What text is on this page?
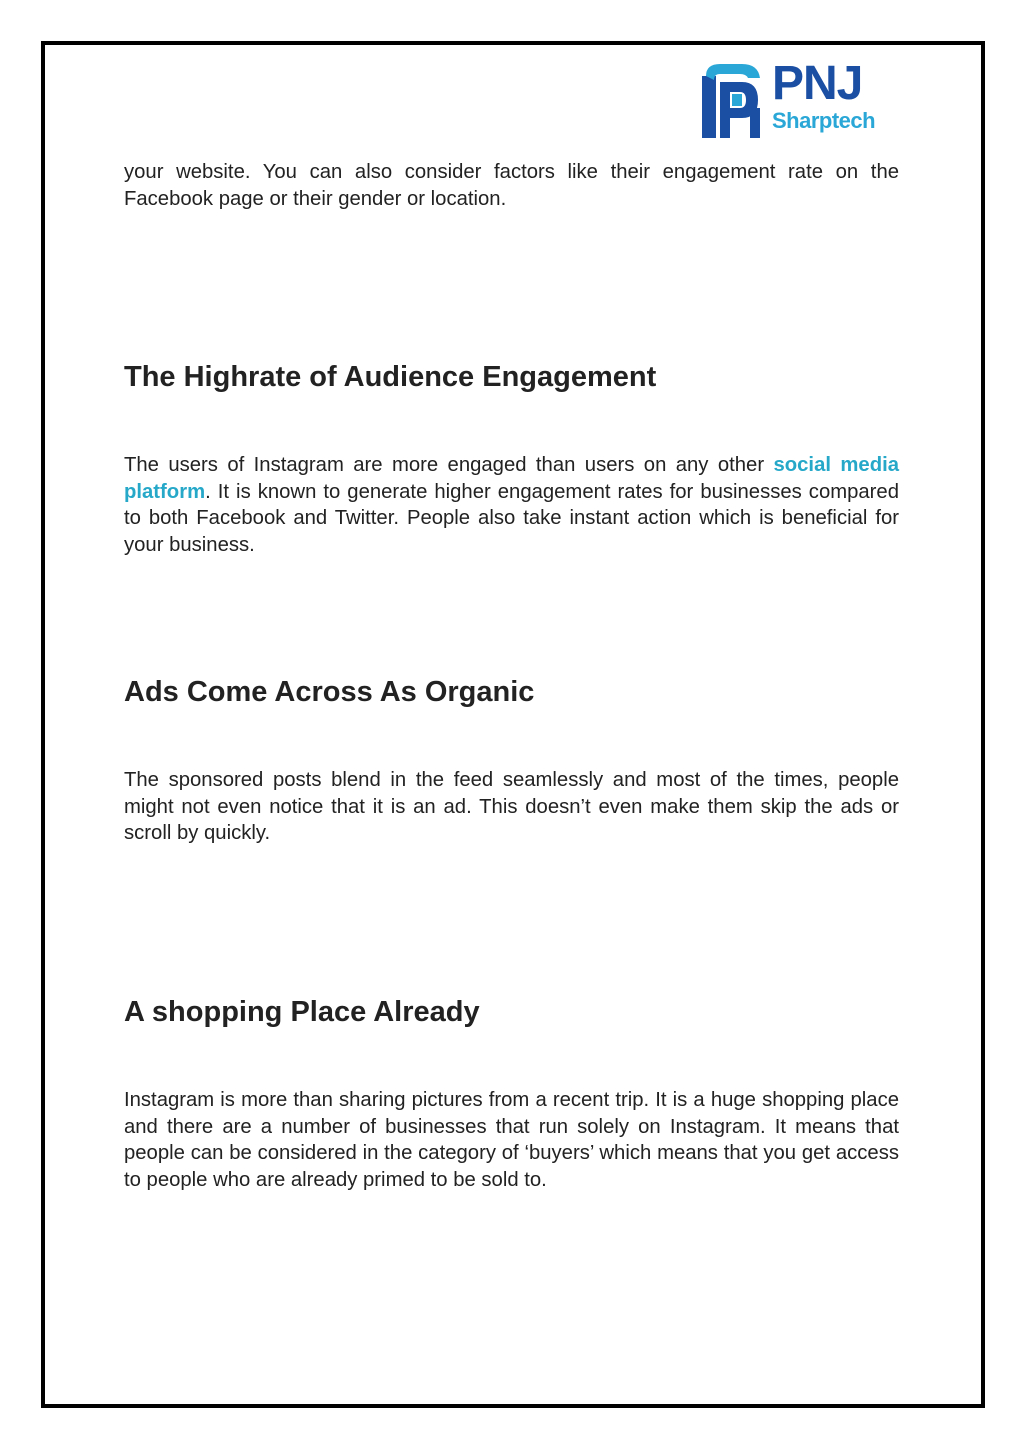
PNJ
Sharptech

your website. You can also consider factors like their engagement rate on the Facebook page or their gender or location.

The Highrate of Audience Engagement

The users of Instagram are more engaged than users on any other social media platform. It is known to generate higher engagement rates for businesses compared to both Facebook and Twitter. People also take instant action which is beneficial for your business.

Ads Come Across As Organic

The sponsored posts blend in the feed seamlessly and most of the times, people might not even notice that it is an ad. This doesn’t even make them skip the ads or scroll by quickly.

A shopping Place Already

Instagram is more than sharing pictures from a recent trip. It is a huge shopping place and there are a number of businesses that run solely on Instagram. It means that people can be considered in the category of ‘buyers’ which means that you get access to people who are already primed to be sold to.
